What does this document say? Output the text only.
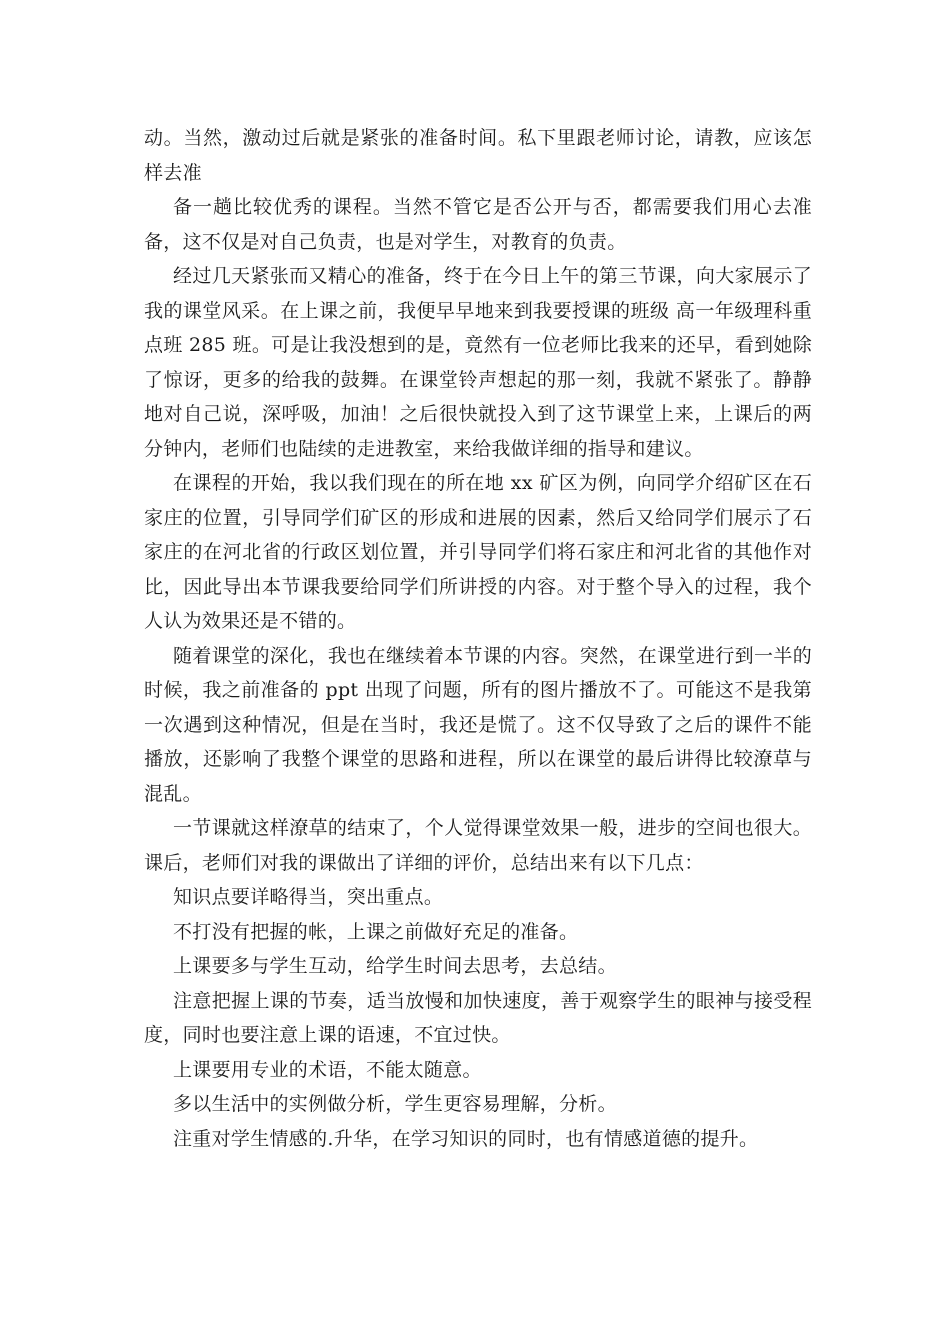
动。当然，激动过后就是紧张的准备时间。私下里跟老师讨论，请教，应该怎样去准

备一趟比较优秀的课程。当然不管它是否公开与否，都需要我们用心去准备，这不仅是对自己负责，也是对学生，对教育的负责。

经过几天紧张而又精心的准备，终于在今日上午的第三节课，向大家展示了我的课堂风采。在上课之前，我便早早地来到我要授课的班级 高一年级理科重点班 285 班。可是让我没想到的是，竟然有一位老师比我来的还早，看到她除了惊讶，更多的给我的鼓舞。在课堂铃声想起的那一刻，我就不紧张了。静静地对自己说，深呼吸，加油！之后很快就投入到了这节课堂上来，上课后的两分钟内，老师们也陆续的走进教室，来给我做详细的指导和建议。

在课程的开始，我以我们现在的所在地 xx 矿区为例，向同学介绍矿区在石家庄的位置，引导同学们矿区的形成和进展的因素，然后又给同学们展示了石家庄的在河北省的行政区划位置，并引导同学们将石家庄和河北省的其他作对比，因此导出本节课我要给同学们所讲授的内容。对于整个导入的过程，我个人认为效果还是不错的。

随着课堂的深化，我也在继续着本节课的内容。突然，在课堂进行到一半的时候，我之前准备的 ppt 出现了问题，所有的图片播放不了。可能这不是我第一次遇到这种情况，但是在当时，我还是慌了。这不仅导致了之后的课件不能播放，还影响了我整个课堂的思路和进程，所以在课堂的最后讲得比较潦草与混乱。

一节课就这样潦草的结束了，个人觉得课堂效果一般，进步的空间也很大。课后，老师们对我的课做出了详细的评价，总结出来有以下几点：

知识点要详略得当，突出重点。

不打没有把握的帐，上课之前做好充足的准备。

上课要多与学生互动，给学生时间去思考，去总结。

注意把握上课的节奏，适当放慢和加快速度，善于观察学生的眼神与接受程度，同时也要注意上课的语速，不宜过快。

上课要用专业的术语，不能太随意。

多以生活中的实例做分析，学生更容易理解，分析。

注重对学生情感的.升华，在学习知识的同时，也有情感道德的提升。
